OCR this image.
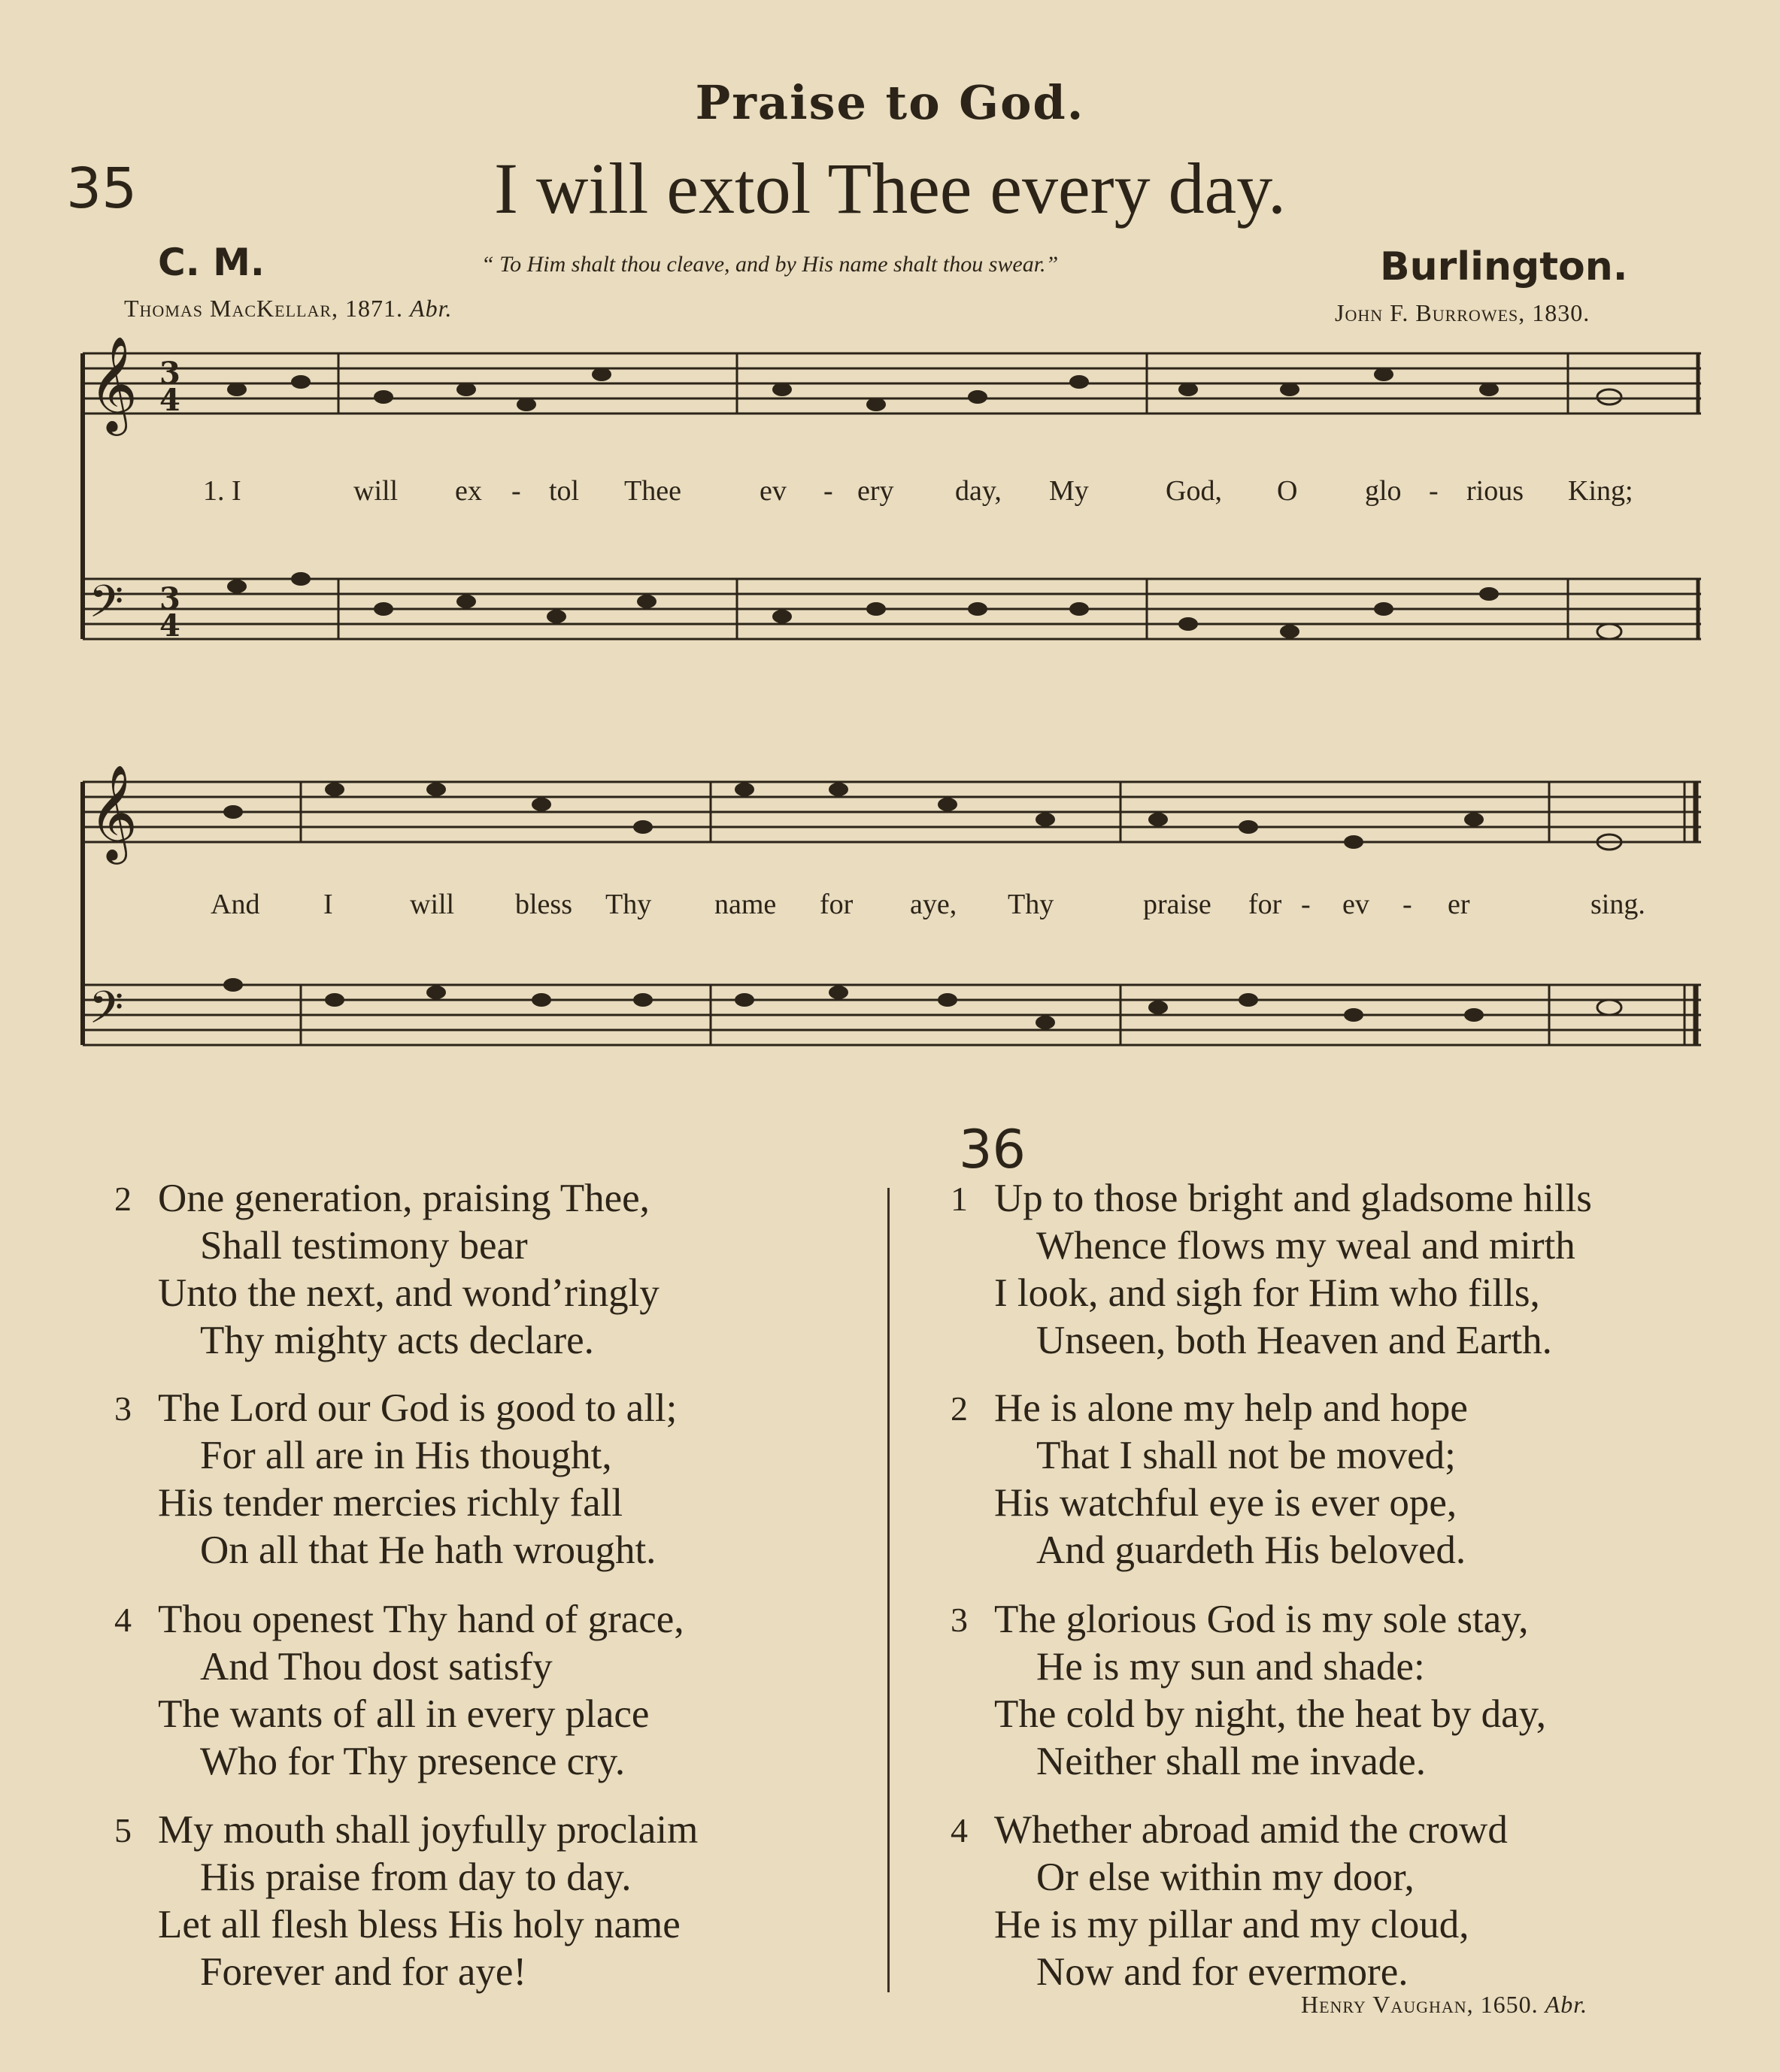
Praise to God.
35	I will extol Thee every day.
C. M.	“ To Him shalt thou cleave, and by His name shalt thou swear.”	Burlington.
Thomas MacKellar, 1871. Abr.	John F. Burrowes, 1830.
𝄞
𝄢
3
4
3
4
1. I	will ex - tol Thee	ev - ery day, My	God, O glo - rious King;
𝄞
𝄢
And I	will bless Thy name for aye, Thy	praise for - ev - er	sing.
2 One generation, praising Thee,
Shall testimony bear
Unto the next, and wond’ringly
Thy mighty acts declare.
3 The Lord our God is good to all;
For all are in His thought,
His tender mercies richly fall
On all that He hath wrought.
4 Thou openest Thy hand of grace,
And Thou dost satisfy
The wants of all in every place
Who for Thy presence cry.
5 My mouth shall joyfully proclaim
His praise from day to day.
Let all flesh bless His holy name
Forever and for aye!
36
1 Up to those bright and gladsome hills
Whence flows my weal and mirth
I look, and sigh for Him who fills,
Unseen, both Heaven and Earth.
2 He is alone my help and hope
That I shall not be moved;
His watchful eye is ever ope,
And guardeth His beloved.
3 The glorious God is my sole stay,
He is my sun and shade:
The cold by night, the heat by day,
Neither shall me invade.
4 Whether abroad amid the crowd
Or else within my door,
He is my pillar and my cloud,
Now and for evermore.
Henry Vaughan, 1650. Abr.
